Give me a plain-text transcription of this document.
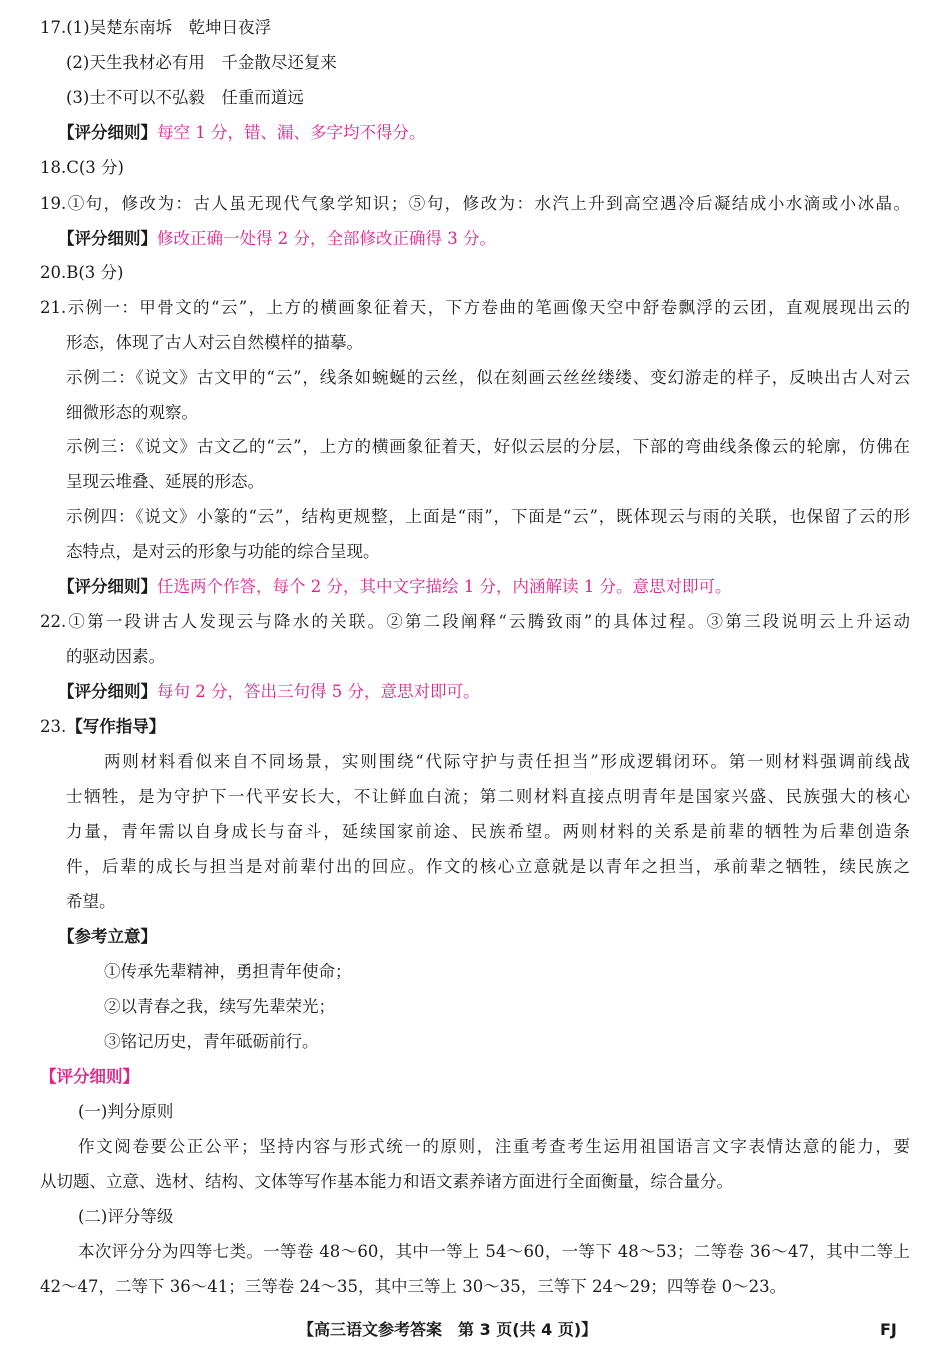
17.(1)吴楚东南坼　乾坤日夜浮
(2)天生我材必有用　千金散尽还复来
(3)士不可以不弘毅　任重而道远
【评分细则】每空 1 分，错、漏、多字均不得分。
18.C(3 分)
19.①句，修改为：古人虽无现代气象学知识；⑤句，修改为：水汽上升到高空遇冷后凝结成小水滴或小冰晶。
【评分细则】修改正确一处得 2 分，全部修改正确得 3 分。
20.B(3 分)
21.示例一：甲骨文的“云”，上方的横画象征着天，下方卷曲的笔画像天空中舒卷飘浮的云团，直观展现出云的
形态，体现了古人对云自然模样的描摹。
示例二：《说文》古文甲的“云”，线条如蜿蜒的云丝，似在刻画云丝丝缕缕、变幻游走的样子，反映出古人对云
细微形态的观察。
示例三：《说文》古文乙的“云”，上方的横画象征着天，好似云层的分层，下部的弯曲线条像云的轮廓，仿佛在
呈现云堆叠、延展的形态。
示例四：《说文》小篆的“云”，结构更规整，上面是“雨”，下面是“云”，既体现云与雨的关联，也保留了云的形
态特点，是对云的形象与功能的综合呈现。
【评分细则】任选两个作答，每个 2 分，其中文字描绘 1 分，内涵解读 1 分。意思对即可。
22.①第一段讲古人发现云与降水的关联。②第二段阐释“云腾致雨”的具体过程。③第三段说明云上升运动
的驱动因素。
【评分细则】每句 2 分，答出三句得 5 分，意思对即可。
23.【写作指导】
两则材料看似来自不同场景，实则围绕“代际守护与责任担当”形成逻辑闭环。第一则材料强调前线战
士牺牲，是为守护下一代平安长大，不让鲜血白流；第二则材料直接点明青年是国家兴盛、民族强大的核心
力量，青年需以自身成长与奋斗，延续国家前途、民族希望。两则材料的关系是前辈的牺牲为后辈创造条
件，后辈的成长与担当是对前辈付出的回应。作文的核心立意就是以青年之担当，承前辈之牺牲，续民族之
希望。
【参考立意】
①传承先辈精神，勇担青年使命；
②以青春之我，续写先辈荣光；
③铭记历史，青年砥砺前行。
【评分细则】
(一)判分原则
作文阅卷要公正公平；坚持内容与形式统一的原则，注重考查考生运用祖国语言文字表情达意的能力，要
从切题、立意、选材、结构、文体等写作基本能力和语文素养诸方面进行全面衡量，综合量分。
(二)评分等级
本次评分分为四等七类。一等卷 48～60，其中一等上 54～60，一等下 48～53；二等卷 36～47，其中二等上
42～47，二等下 36～41；三等卷 24～35，其中三等上 30～35，三等下 24～29；四等卷 0～23。
【高三语文参考答案　第 3 页(共 4 页)】	FJ
